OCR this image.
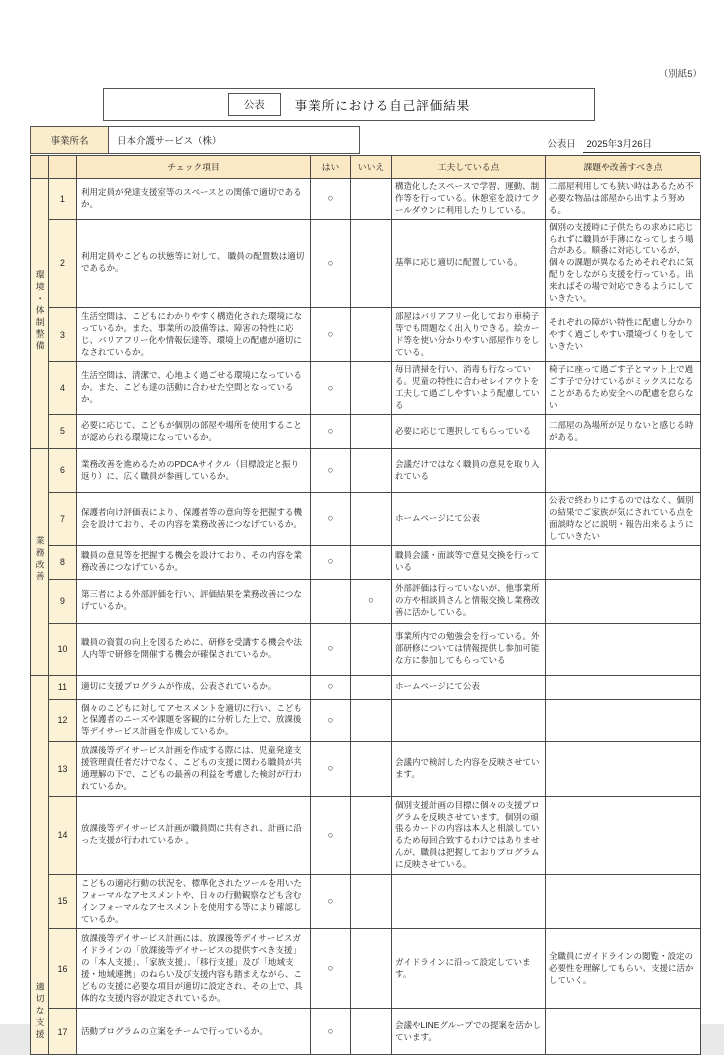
（別紙5）
公表	事業所における自己評価結果
事業所名	日本介護サービス（株）	公表日 2025年3月26日
		チェック項目	はい	いいえ	工夫している点	課題や改善すべき点
環境・体制整備	1	利用定員が発達支援室等のスペースとの関係で適切であるか。	○		構造化したスペースで学習、運動、制作等を行っている。休憩室を設けてクールダウンに利用したりしている。	二部屋利用しても狭い時はあるため不必要な物品は部屋から出すよう努める。
	2	利用定員やこどもの状態等に対して、 職員の配置数は適切であるか。	○		基準に応じ適切に配置している。	個別の支援時に子供たちの求めに応じられずに職員が手薄になってしまう場合がある。順番に対応しているが、個々の課題が異なるためそれぞれに気配りをしながら支援を行っている。出来ればその場で対応できるようにしていきたい。
	3	生活空間は、こどもにわかりやすく構造化された環境になっているか。また、事業所の設備等は、障害の特性に応じ、バリアフリー化や情報伝達等、環境上の配慮が適切になされているか。	○		部屋はバリアフリー化しており車椅子等でも問題なく出入りできる。絵カード等を使い分かりやすい部屋作りをしている。	それぞれの障がい特性に配慮し分かりやすく過ごしやすい環境づくりをしていきたい
	4	生活空間は、清潔で、心地よく過ごせる環境になっているか。また、こども達の活動に合わせた空間となっているか。	○		毎日清掃を行い、消毒も行なっている。児童の特性に合わせレイアウトを工夫して過ごしやすいよう配慮している	椅子に座って過ごす子とマット上で過ごす子で分けているがミックスになることがあるため安全への配慮を怠らない
	5	必要に応じて、こどもが個別の部屋や場所を使用することが認められる環境になっているか。	○		必要に応じて選択してもらっている	二部屋の為場所が足りないと感じる時がある。
業務改善	6	業務改善を進めるためのPDCAサイクル（目標設定と振り返り）に、広く職員が参画しているか。	○		会議だけではなく職員の意見を取り入れている	
	7	保護者向け評価表により、保護者等の意向等を把握する機会を設けており、その内容を業務改善につなげているか。	○		ホームページにて公表	公表で終わりにするのではなく、個別の結果でご家族が気にされている点を面談時などに説明・報告出来るようにしていきたい
	8	職員の意見等を把握する機会を設けており、その内容を業務改善につなげているか。	○		職員会議・面談等で意見交換を行っている	
	9	第三者による外部評価を行い、評価結果を業務改善につなげているか。		○	外部評価は行っていないが、他事業所の方や相談員さんと情報交換し業務改善に活かしている。	
	10	職員の資質の向上を図るために、研修を受講する機会や法人内等で研修を開催する機会が確保されているか。	○		事業所内での勉強会を行っている。外部研修については情報提供し参加可能な方に参加してもらっている	
適切な支援	11	適切に支援プログラムが作成、公表されているか。	○		ホームページにて公表	
	12	個々のこどもに対してアセスメントを適切に行い、こどもと保護者のニーズや課題を客観的に分析した上で、放課後等デイサービス計画を作成しているか。	○			
	13	放課後等デイサービス計画を作成する際には、児童発達支援管理責任者だけでなく、こどもの支援に関わる職員が共通理解の下で、こどもの最善の利益を考慮した検討が行われているか。	○		会議内で検討した内容を反映させています。	
	14	放課後等デイサービス計画が職員間に共有され、計画に沿った支援が行われているか 。	○		個別支援計画の目標に個々の支援プログラムを反映させています。個別の頑張るカードの内容は本人と相談しているため毎回合致するわけではありませんが、職員は把握しておりプログラムに反映させている。	
	15	こどもの適応行動の状況を、標準化されたツールを用いたフォーマルなアセスメントや、日々の行動観察なども含むインフォーマルなアセスメントを使用する等により確認しているか。	○			
	16	放課後等デイサービス計画には、放課後等デイサービスガイドラインの「放課後等デイサービスの提供すべき支援」の「本人支援」、「家族支援」、「移行支援」及び「地域支援・地域連携」のねらい及び支援内容も踏まえながら、こどもの支援に必要な項目が適切に設定され、その上で、具体的な支援内容が設定されているか。	○		ガイドラインに沿って設定しています。	全職員にガイドラインの閲覧・設定の必要性を理解してもらい、支援に活かしていく。
	17	活動プログラムの立案をチームで行っているか。	○		会議やLINEグループでの提案を活かしています。	
